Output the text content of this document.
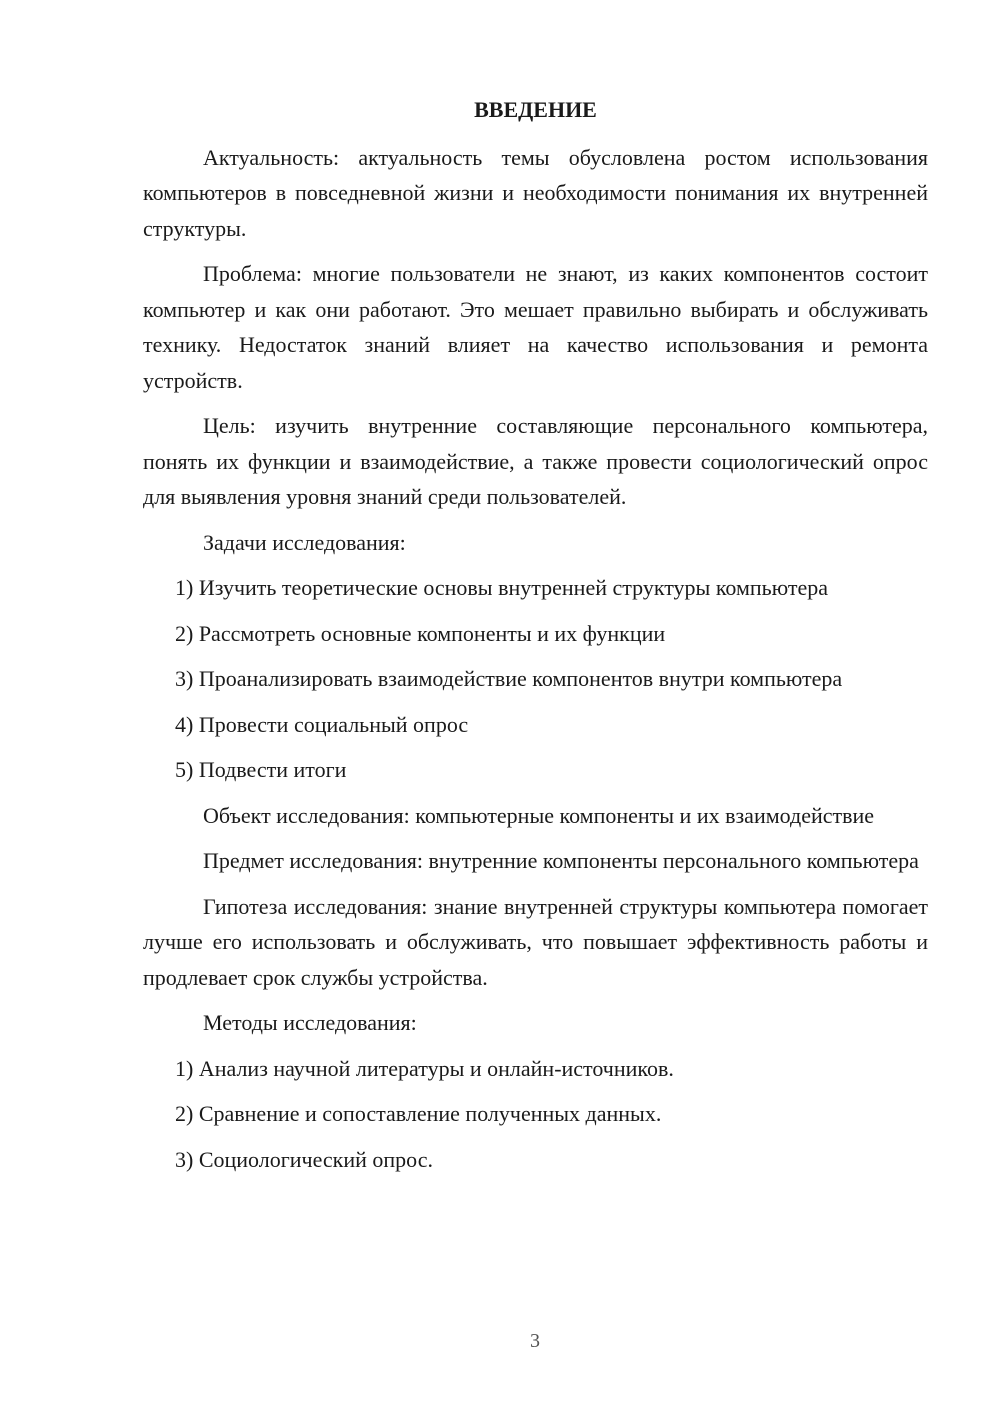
ВВЕДЕНИЕ

Актуальность: актуальность темы обусловлена ростом использования компьютеров в повседневной жизни и необходимости понимания их внутренней структуры.

Проблема: многие пользователи не знают, из каких компонентов состоит компьютер и как они работают. Это мешает правильно выбирать и обслуживать технику. Недостаток знаний влияет на качество использования и ремонта устройств.

Цель: изучить внутренние составляющие персонального компьютера, понять их функции и взаимодействие, а также провести социологический опрос для выявления уровня знаний среди пользователей.

Задачи исследования:

1) Изучить теоретические основы внутренней структуры компьютера

2) Рассмотреть основные компоненты и их функции

3) Проанализировать взаимодействие компонентов внутри компьютера

4) Провести социальный опрос

5) Подвести итоги

Объект исследования: компьютерные компоненты и их взаимодействие

Предмет исследования: внутренние компоненты персонального компьютера

Гипотеза исследования: знание внутренней структуры компьютера помогает лучше его использовать и обслуживать, что повышает эффективность работы и продлевает срок службы устройства.

Методы исследования:

1) Анализ научной литературы и онлайн-источников.

2) Сравнение и сопоставление полученных данных.

3) Социологический опрос.

3
